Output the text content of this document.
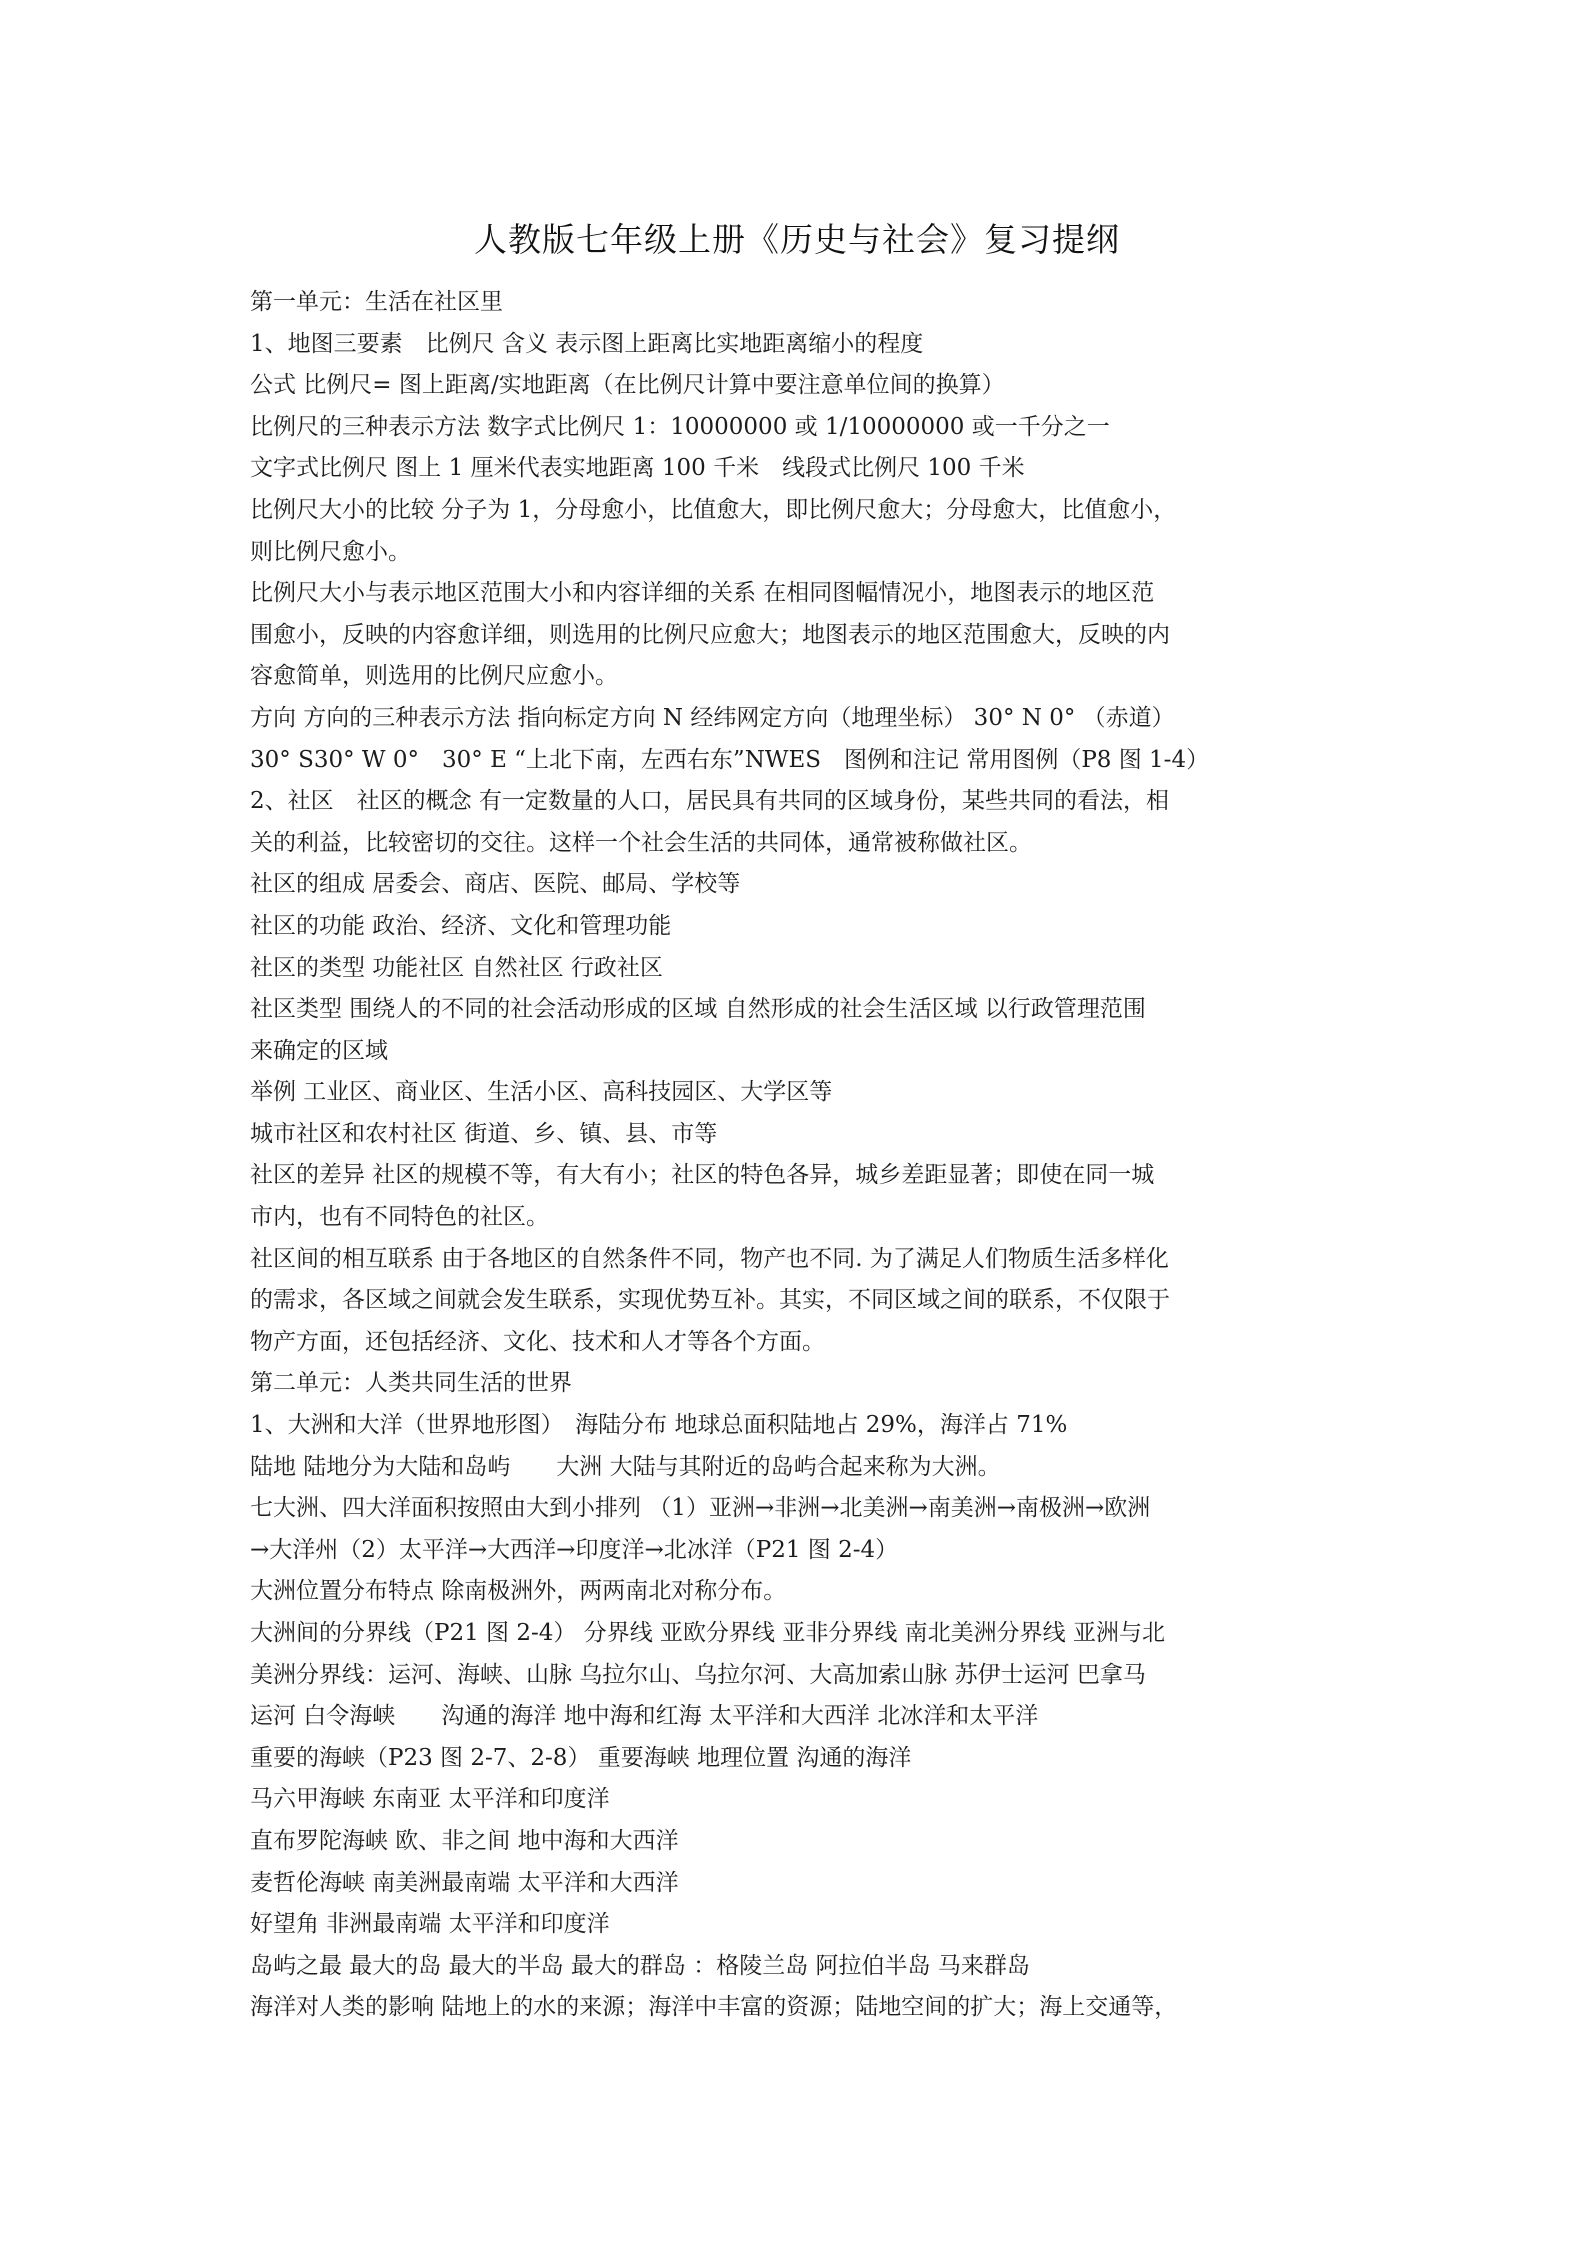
人教版七年级上册《历史与社会》复习提纲
第一单元：生活在社区里
1、地图三要素　比例尺 含义 表示图上距离比实地距离缩小的程度
公式 比例尺= 图上距离/实地距离（在比例尺计算中要注意单位间的换算）
比例尺的三种表示方法 数字式比例尺 1：10000000 或 1/10000000 或一千分之一
文字式比例尺 图上 1 厘米代表实地距离 100 千米　线段式比例尺 100 千米
比例尺大小的比较 分子为 1，分母愈小，比值愈大，即比例尺愈大；分母愈大，比值愈小，
则比例尺愈小。
比例尺大小与表示地区范围大小和内容详细的关系 在相同图幅情况小，地图表示的地区范
围愈小，反映的内容愈详细，则选用的比例尺应愈大；地图表示的地区范围愈大，反映的内
容愈简单，则选用的比例尺应愈小。
方向 方向的三种表示方法 指向标定方向 N 经纬网定方向（地理坐标） 30° N 0° （赤道）
30° S30° W 0°　30° E “上北下南，左西右东”NWES　图例和注记 常用图例（P8 图 1-4）
2、社区　社区的概念 有一定数量的人口，居民具有共同的区域身份，某些共同的看法，相
关的利益，比较密切的交往。这样一个社会生活的共同体，通常被称做社区。
社区的组成 居委会、商店、医院、邮局、学校等
社区的功能 政治、经济、文化和管理功能
社区的类型 功能社区 自然社区 行政社区
社区类型 围绕人的不同的社会活动形成的区域 自然形成的社会生活区域 以行政管理范围
来确定的区域
举例 工业区、商业区、生活小区、高科技园区、大学区等
城市社区和农村社区 街道、乡、镇、县、市等
社区的差异 社区的规模不等，有大有小；社区的特色各异，城乡差距显著；即使在同一城
市内，也有不同特色的社区。
社区间的相互联系 由于各地区的自然条件不同，物产也不同. 为了满足人们物质生活多样化
的需求，各区域之间就会发生联系，实现优势互补。其实，不同区域之间的联系，不仅限于
物产方面，还包括经济、文化、技术和人才等各个方面。
第二单元：人类共同生活的世界
1、大洲和大洋（世界地形图）　海陆分布 地球总面积陆地占 29%，海洋占 71%
陆地 陆地分为大陆和岛屿　　大洲 大陆与其附近的岛屿合起来称为大洲。
七大洲、四大洋面积按照由大到小排列 （1）亚洲→非洲→北美洲→南美洲→南极洲→欧洲
→大洋州（2）太平洋→大西洋→印度洋→北冰洋（P21 图 2-4）
大洲位置分布特点 除南极洲外，两两南北对称分布。
大洲间的分界线（P21 图 2-4） 分界线 亚欧分界线 亚非分界线 南北美洲分界线 亚洲与北
美洲分界线：运河、海峡、山脉 乌拉尔山、乌拉尔河、大高加索山脉 苏伊士运河 巴拿马
运河 白令海峡　　沟通的海洋 地中海和红海 太平洋和大西洋 北冰洋和太平洋
重要的海峡（P23 图 2-7、2-8） 重要海峡 地理位置 沟通的海洋
马六甲海峡 东南亚 太平洋和印度洋
直布罗陀海峡 欧、非之间 地中海和大西洋
麦哲伦海峡 南美洲最南端 太平洋和大西洋
好望角 非洲最南端 太平洋和印度洋
岛屿之最 最大的岛 最大的半岛 最大的群岛 ：格陵兰岛 阿拉伯半岛 马来群岛
海洋对人类的影响 陆地上的水的来源；海洋中丰富的资源；陆地空间的扩大；海上交通等，
